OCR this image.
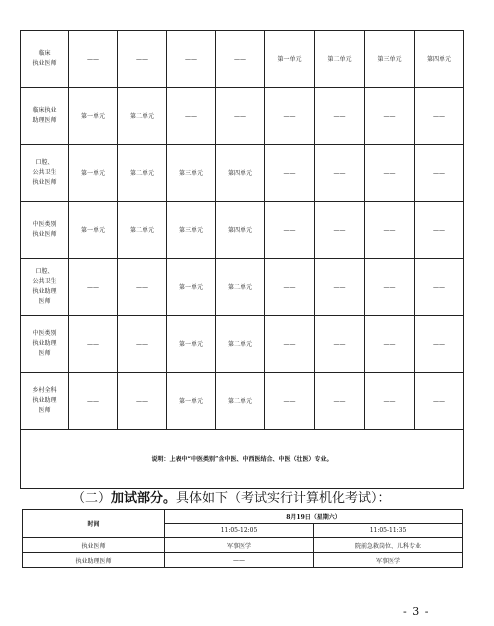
临床
执业医师	——	——	——	——	第一单元	第二单元	第三单元	第四单元
临床执业
助理医师	第一单元	第二单元	——	——	——	——	——	——
口腔、
公共卫生
执业医师	第一单元	第二单元	第三单元	第四单元	——	——	——	——
中医类别
执业医师	第一单元	第二单元	第三单元	第四单元	——	——	——	——
口腔、
公共卫生
执业助理
医师	——	——	第一单元	第二单元	——	——	——	——
中医类别
执业助理
医师	——	——	第一单元	第二单元	——	——	——	——
乡村全科
执业助理
医师	——	——	第一单元	第二单元	——	——	——	——
说明：上表中“中医类别”含中医、中西医结合、中医（壮医）专业。								
（二）加试部分。具体如下（考试实行计算机化考试）：
时间	8月19日（星期六）	
	11:05-12:05	11:05-11:35
执业医师	军事医学	院前急救岗位、儿科专业
执业助理医师	——	军事医学
- 3 -
